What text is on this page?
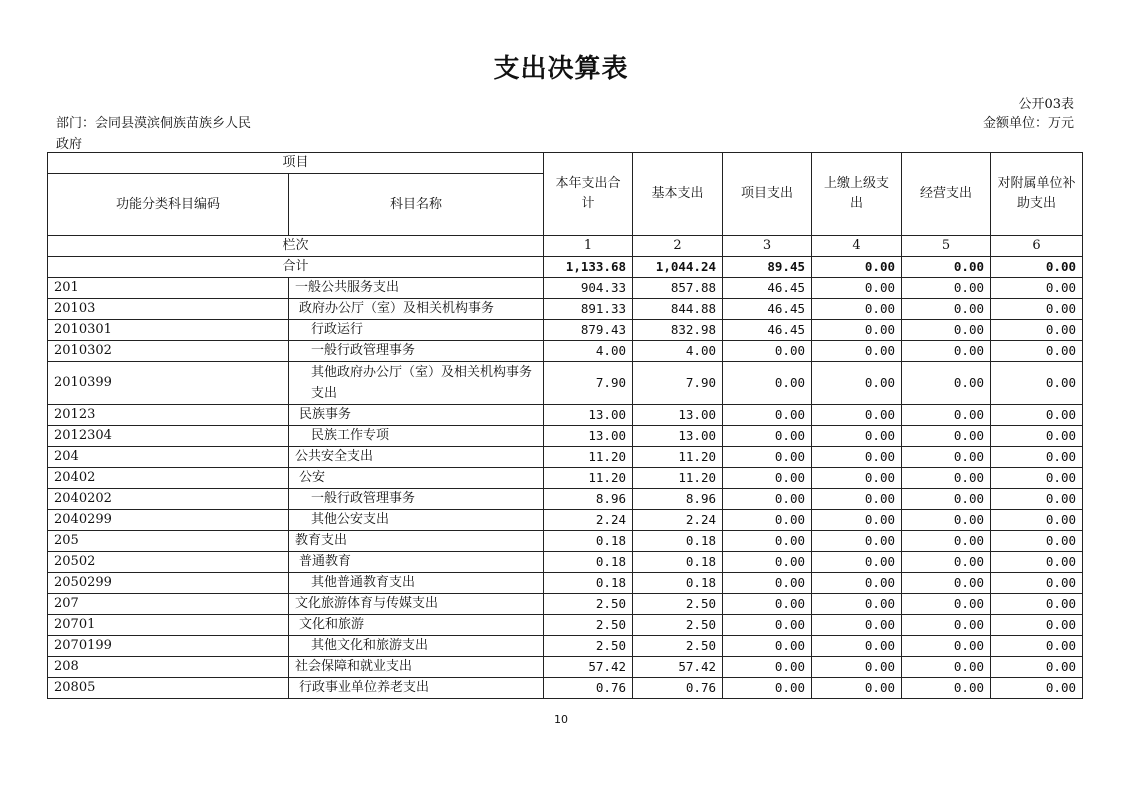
支出决算表
公开03表
部门：会同县漠滨侗族苗族乡人民政府
金额单位：万元
项目		本年支出合计	基本支出	项目支出	上缴上级支出	经营支出	对附属单位补助支出
功能分类科目编码	科目名称						
栏次		1	2	3	4	5	6
合计		1,133.68	1,044.24	89.45	0.00	0.00	0.00
201	一般公共服务支出	904.33	857.88	46.45	0.00	0.00	0.00
20103	政府办公厅（室）及相关机构事务	891.33	844.88	46.45	0.00	0.00	0.00
2010301	行政运行	879.43	832.98	46.45	0.00	0.00	0.00
2010302	一般行政管理事务	4.00	4.00	0.00	0.00	0.00	0.00
2010399	其他政府办公厅（室）及相关机构事务支出	7.90	7.90	0.00	0.00	0.00	0.00
20123	民族事务	13.00	13.00	0.00	0.00	0.00	0.00
2012304	民族工作专项	13.00	13.00	0.00	0.00	0.00	0.00
204	公共安全支出	11.20	11.20	0.00	0.00	0.00	0.00
20402	公安	11.20	11.20	0.00	0.00	0.00	0.00
2040202	一般行政管理事务	8.96	8.96	0.00	0.00	0.00	0.00
2040299	其他公安支出	2.24	2.24	0.00	0.00	0.00	0.00
205	教育支出	0.18	0.18	0.00	0.00	0.00	0.00
20502	普通教育	0.18	0.18	0.00	0.00	0.00	0.00
2050299	其他普通教育支出	0.18	0.18	0.00	0.00	0.00	0.00
207	文化旅游体育与传媒支出	2.50	2.50	0.00	0.00	0.00	0.00
20701	文化和旅游	2.50	2.50	0.00	0.00	0.00	0.00
2070199	其他文化和旅游支出	2.50	2.50	0.00	0.00	0.00	0.00
208	社会保障和就业支出	57.42	57.42	0.00	0.00	0.00	0.00
20805	行政事业单位养老支出	0.76	0.76	0.00	0.00	0.00	0.00
10
